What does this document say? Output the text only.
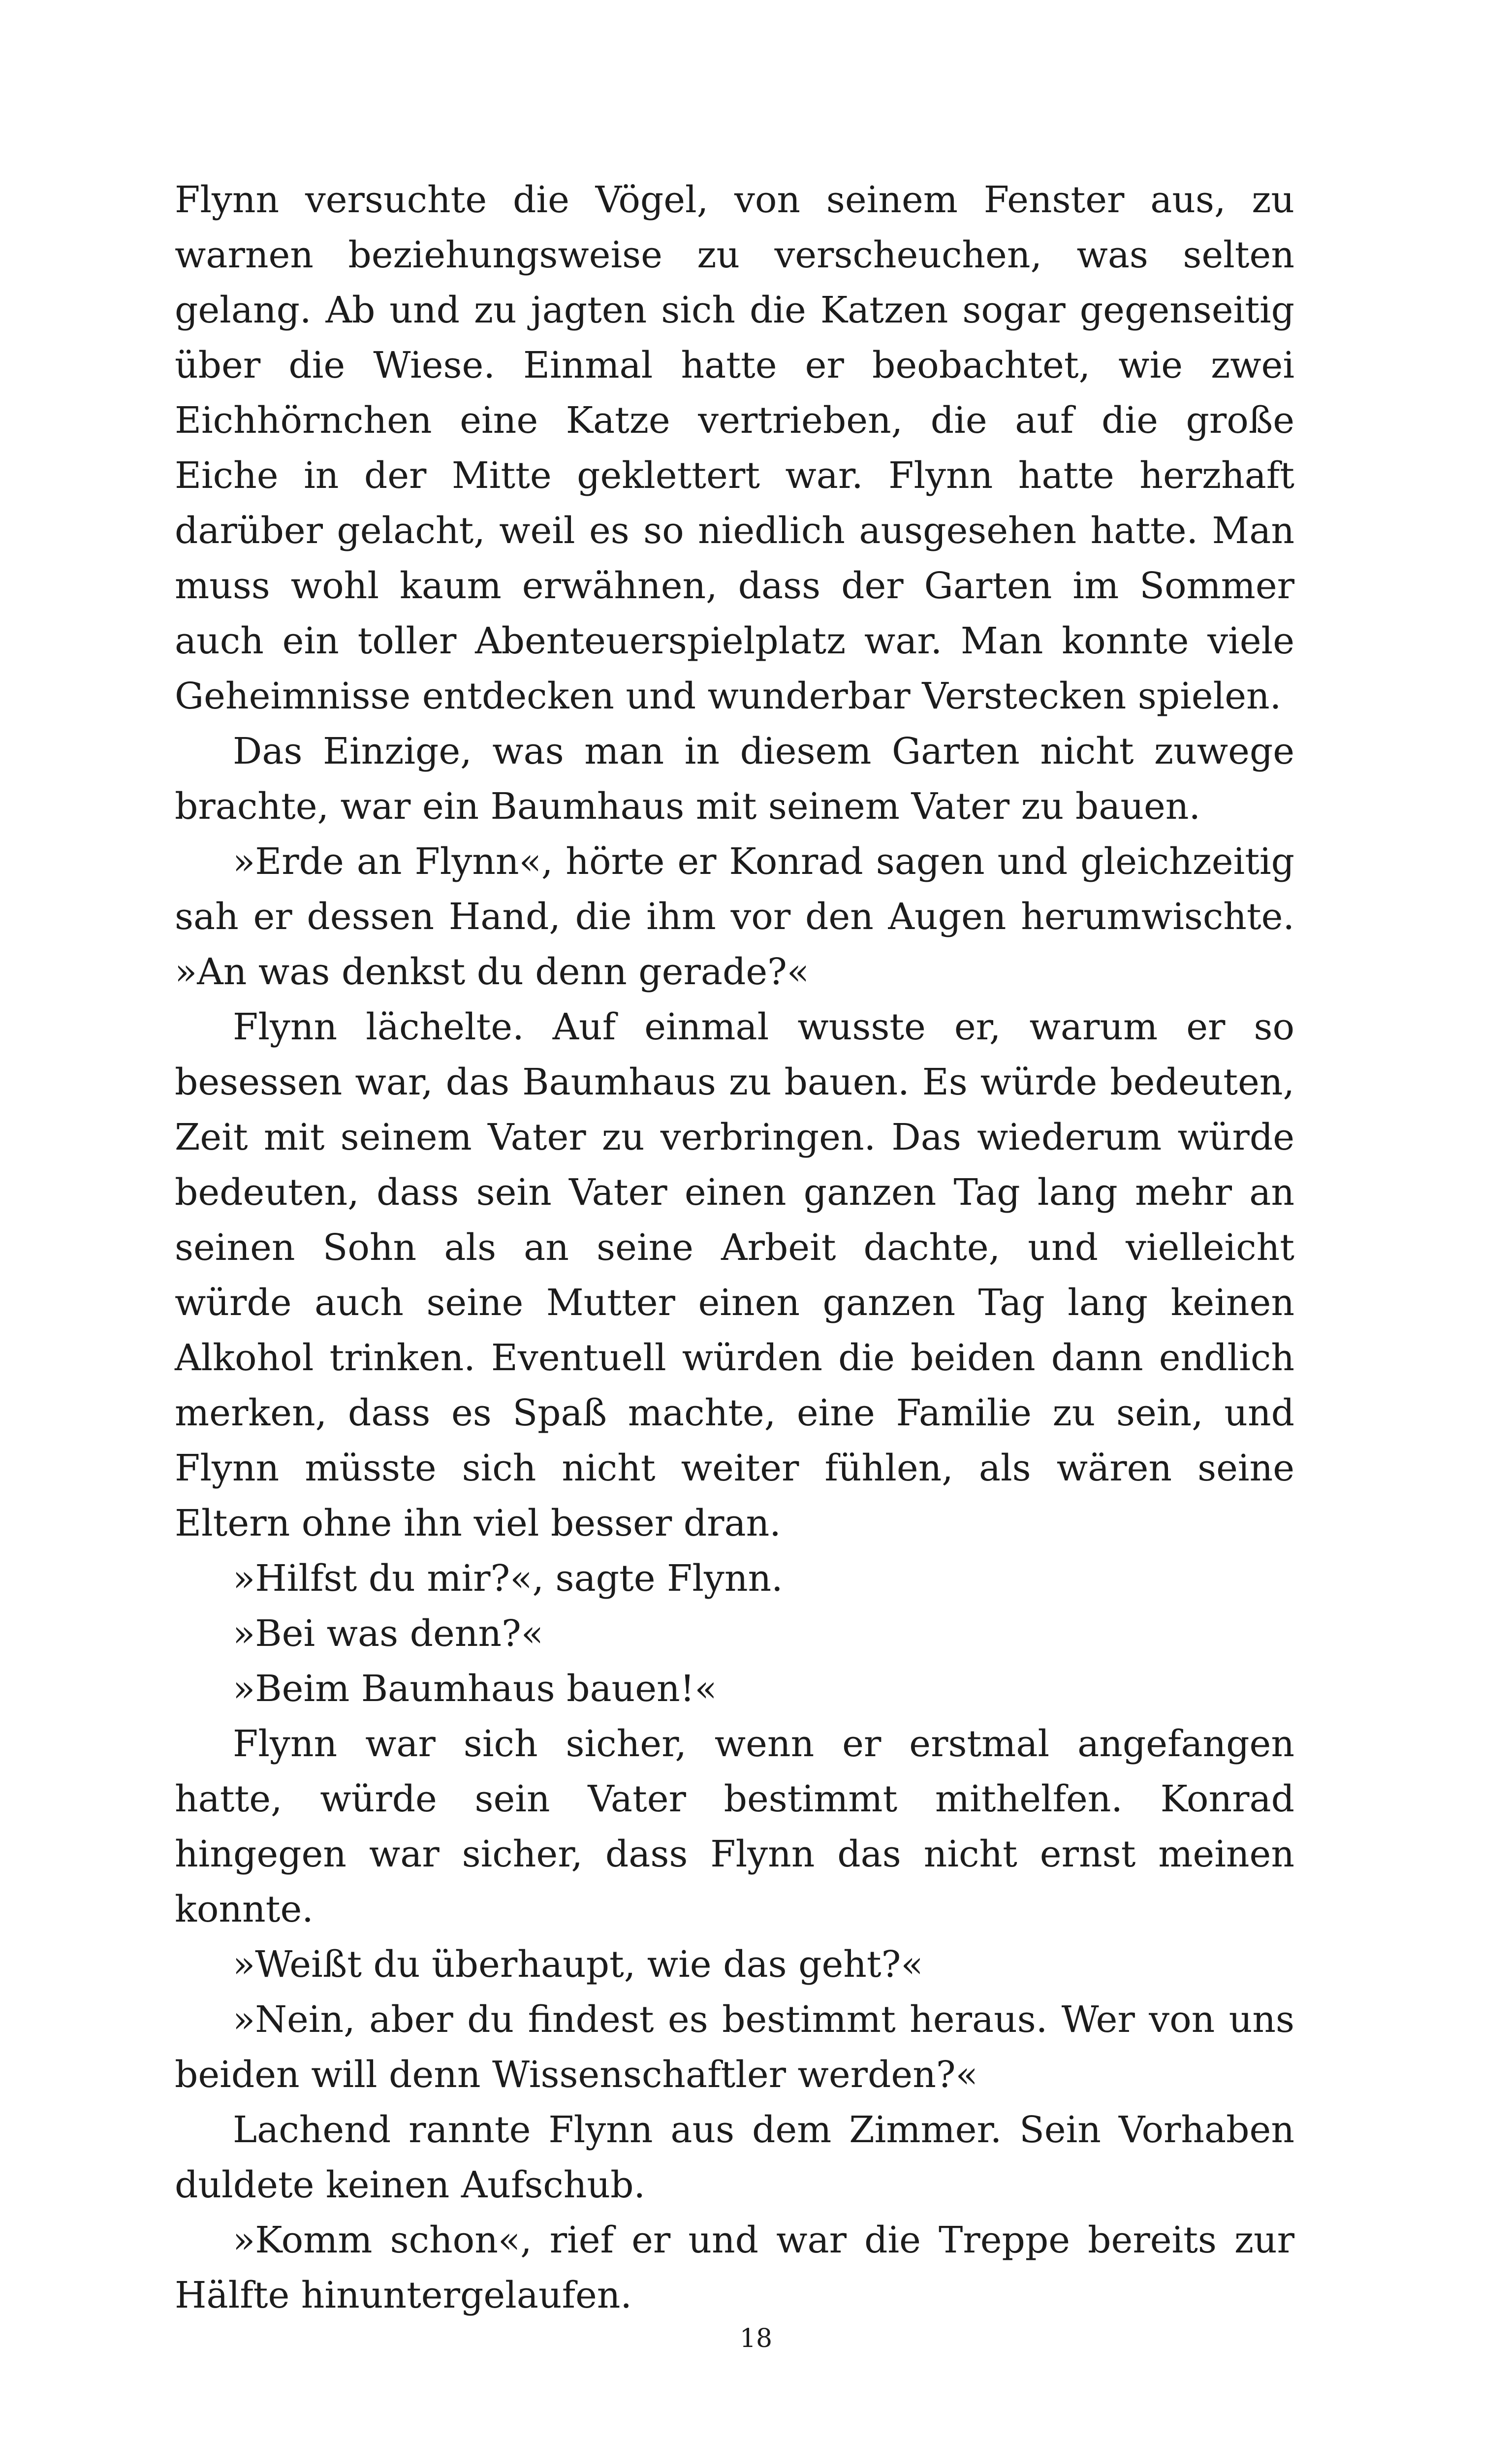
Flynn versuchte die Vögel, von seinem Fenster aus, zu warnen beziehungsweise zu verscheuchen, was selten gelang. Ab und zu jagten sich die Katzen sogar gegenseitig über die Wiese. Einmal hatte er beobachtet, wie zwei Eichhörnchen eine Katze vertrieben, die auf die große Eiche in der Mitte geklettert war. Flynn hatte herzhaft darüber gelacht, weil es so niedlich ausgesehen hatte. Man muss wohl kaum erwähnen, dass der Garten im Sommer auch ein toller Abenteuerspielplatz war. Man konnte viele Geheimnisse entdecken und wunderbar Verstecken spielen.

Das Einzige, was man in diesem Garten nicht zuwege brachte, war ein Baumhaus mit seinem Vater zu bauen.

»Erde an Flynn«, hörte er Konrad sagen und gleichzeitig sah er dessen Hand, die ihm vor den Augen herumwischte. »An was denkst du denn gerade?«

Flynn lächelte. Auf einmal wusste er, warum er so besessen war, das Baumhaus zu bauen. Es würde bedeuten, Zeit mit seinem Vater zu verbringen. Das wiederum würde bedeuten, dass sein Vater einen ganzen Tag lang mehr an seinen Sohn als an seine Arbeit dachte, und vielleicht würde auch seine Mutter einen ganzen Tag lang keinen Alkohol trinken. Eventuell würden die beiden dann endlich merken, dass es Spaß machte, eine Familie zu sein, und Flynn müsste sich nicht weiter fühlen, als wären seine Eltern ohne ihn viel besser dran.

»Hilfst du mir?«, sagte Flynn.

»Bei was denn?«

»Beim Baumhaus bauen!«

Flynn war sich sicher, wenn er erstmal angefangen hatte, würde sein Vater bestimmt mithelfen. Konrad hingegen war sicher, dass Flynn das nicht ernst meinen konnte.

»Weißt du überhaupt, wie das geht?«

»Nein, aber du findest es bestimmt heraus. Wer von uns beiden will denn Wissenschaftler werden?«

Lachend rannte Flynn aus dem Zimmer. Sein Vorhaben duldete keinen Aufschub.

»Komm schon«, rief er und war die Treppe bereits zur Hälfte hinuntergelaufen.

18
